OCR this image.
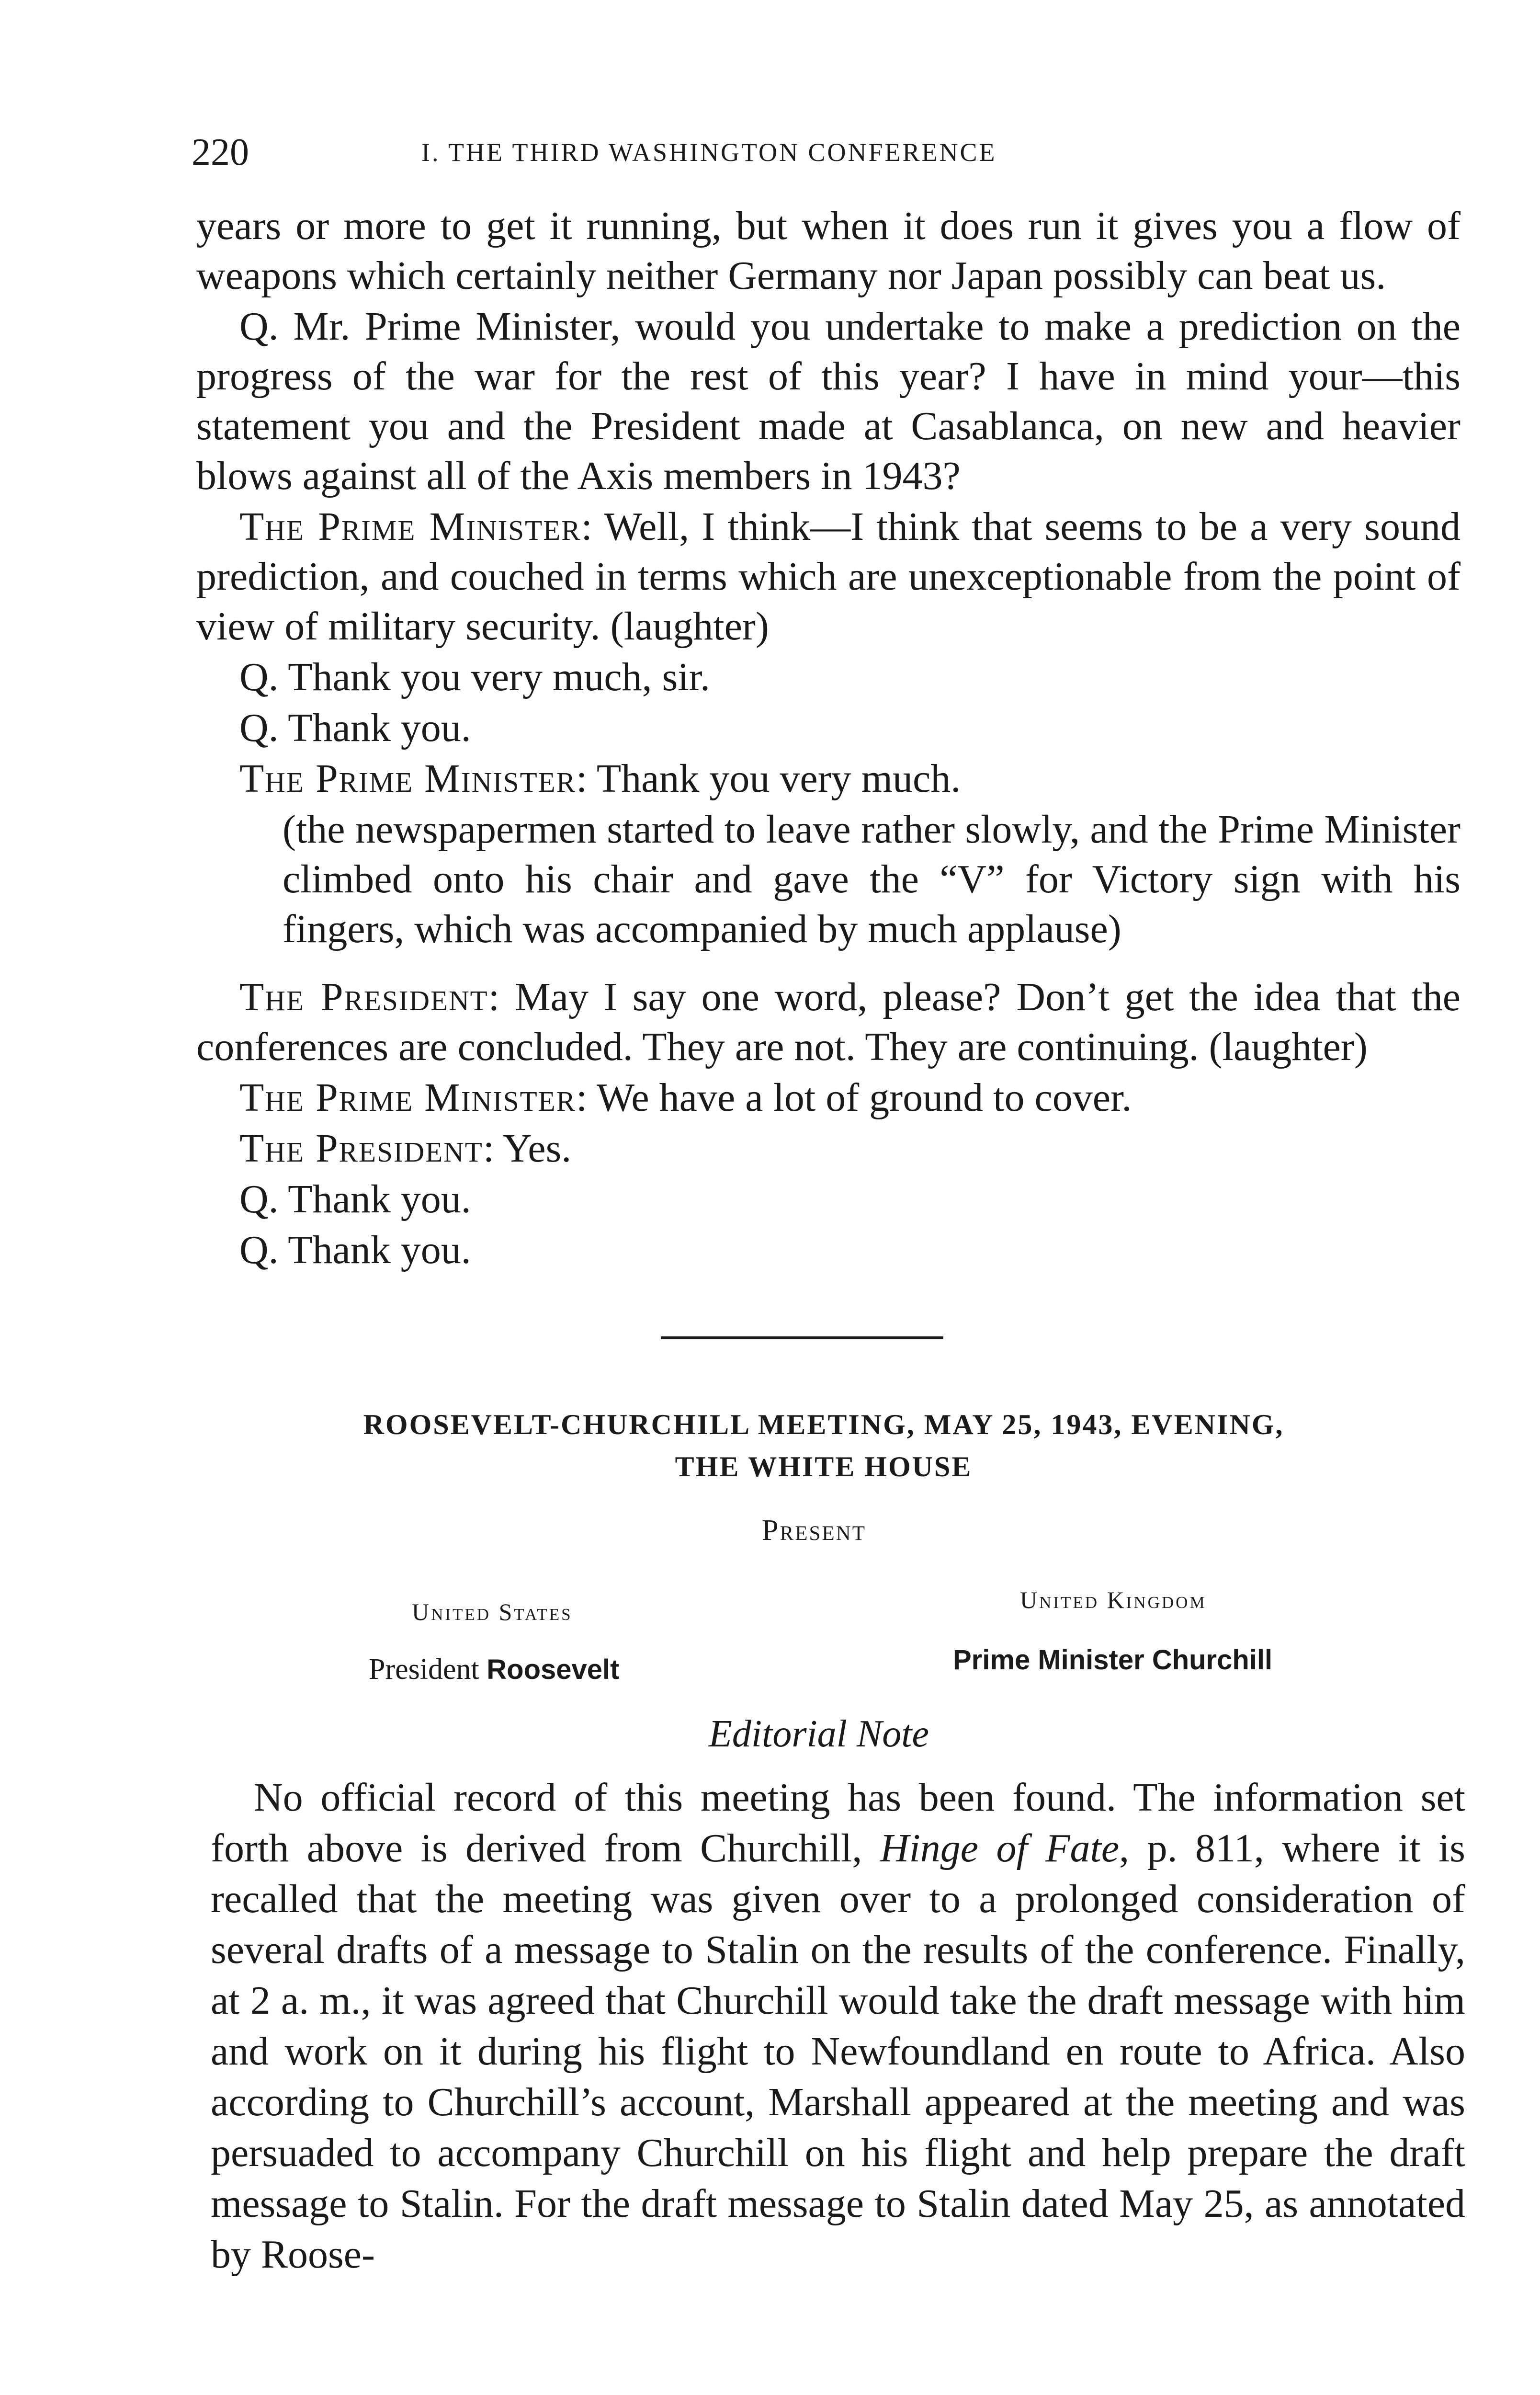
220	I. THE THIRD WASHINGTON CONFERENCE

years or more to get it running, but when it does run it gives you a flow of weapons which certainly neither Germany nor Japan possibly can beat us.

Q. Mr. Prime Minister, would you undertake to make a prediction on the progress of the war for the rest of this year? I have in mind your—this statement you and the President made at Casablanca, on new and heavier blows against all of the Axis members in 1943?

The Prime Minister: Well, I think—I think that seems to be a very sound prediction, and couched in terms which are unexceptionable from the point of view of military security. (laughter)

Q. Thank you very much, sir.

Q. Thank you.

The Prime Minister: Thank you very much.

(the newspapermen started to leave rather slowly, and the Prime Minister climbed onto his chair and gave the “V” for Victory sign with his fingers, which was accompanied by much applause)

The President: May I say one word, please? Don’t get the idea that the conferences are concluded. They are not. They are continuing. (laughter)

The Prime Minister: We have a lot of ground to cover.

The President: Yes.

Q. Thank you.

Q. Thank you.

ROOSEVELT-CHURCHILL MEETING, MAY 25, 1943, EVENING,
THE WHITE HOUSE
Present
United States	United Kingdom
President Roosevelt	Prime Minister Churchill
Editorial Note

No official record of this meeting has been found. The information set forth above is derived from Churchill, Hinge of Fate, p. 811, where it is recalled that the meeting was given over to a prolonged consideration of several drafts of a message to Stalin on the results of the conference. Finally, at 2 a. m., it was agreed that Churchill would take the draft message with him and work on it during his flight to Newfoundland en route to Africa. Also according to Churchill’s account, Marshall appeared at the meeting and was persuaded to accompany Churchill on his flight and help prepare the draft message to Stalin. For the draft message to Stalin dated May 25, as annotated by Roose-
